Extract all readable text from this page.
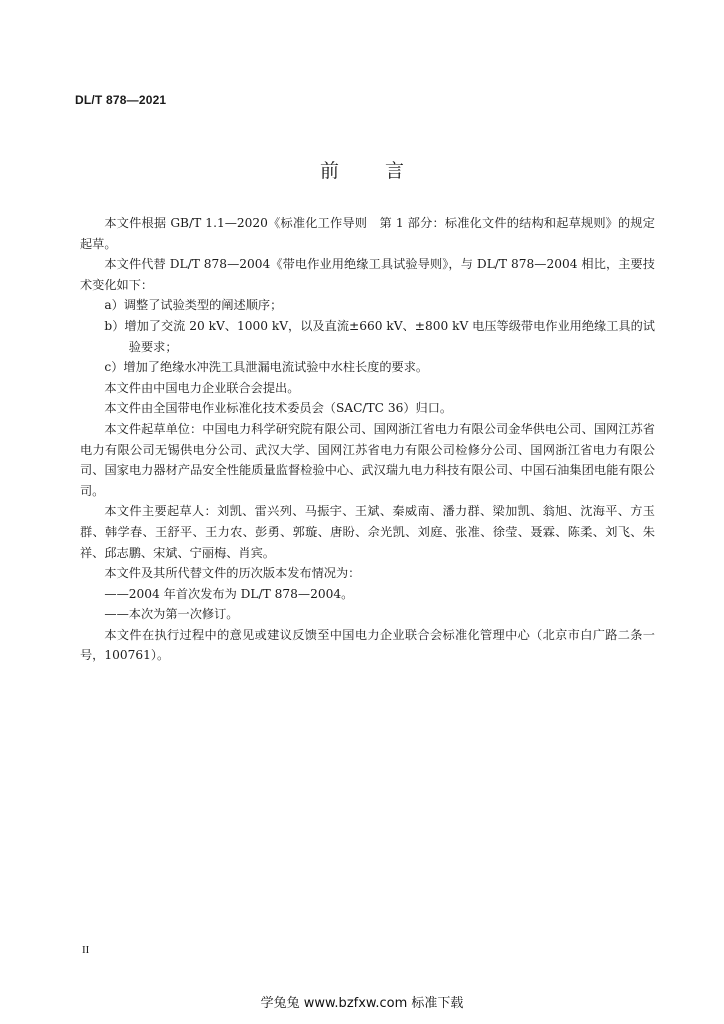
DL/T 878—2021
前 言

本文件根据 GB/T 1.1—2020《标准化工作导则　第 1 部分：标准化文件的结构和起草规则》的规定起草。

本文件代替 DL/T 878—2004《带电作业用绝缘工具试验导则》，与 DL/T 878—2004 相比，主要技术变化如下：

a）调整了试验类型的阐述顺序；

b）增加了交流 20 kV、1000 kV，以及直流±660 kV、±800 kV 电压等级带电作业用绝缘工具的试验要求；

c）增加了绝缘水冲洗工具泄漏电流试验中水柱长度的要求。

本文件由中国电力企业联合会提出。

本文件由全国带电作业标准化技术委员会（SAC/TC 36）归口。

本文件起草单位：中国电力科学研究院有限公司、国网浙江省电力有限公司金华供电公司、国网江苏省电力有限公司无锡供电分公司、武汉大学、国网江苏省电力有限公司检修分公司、国网浙江省电力有限公司、国家电力器材产品安全性能质量监督检验中心、武汉瑞九电力科技有限公司、中国石油集团电能有限公司。

本文件主要起草人：刘凯、雷兴列、马振宇、王斌、秦威南、潘力群、梁加凯、翁旭、沈海平、方玉群、韩学春、王舒平、王力农、彭勇、郭璇、唐盼、佘光凯、刘庭、张准、徐莹、聂霖、陈柔、刘飞、朱祥、邱志鹏、宋斌、宁丽梅、肖宾。

本文件及其所代替文件的历次版本发布情况为：

——2004 年首次发布为 DL/T 878—2004。

——本次为第一次修订。

本文件在执行过程中的意见或建议反馈至中国电力企业联合会标准化管理中心（北京市白广路二条一号，100761）。

II
学兔兔 www.bzfxw.com 标准下载
